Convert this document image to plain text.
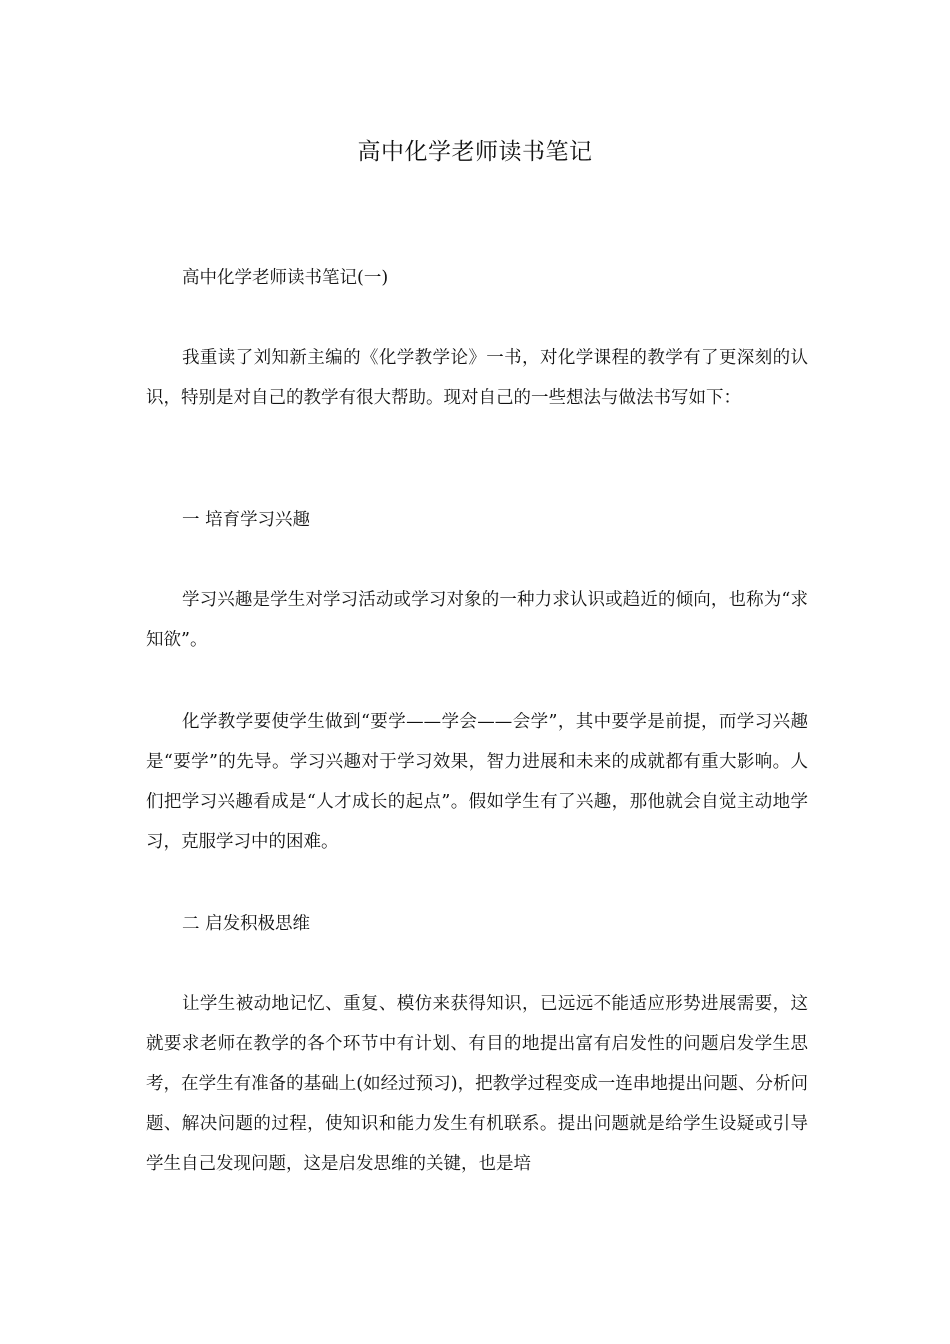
高中化学老师读书笔记

高中化学老师读书笔记(一)

我重读了刘知新主编的《化学教学论》一书，对化学课程的教学有了更深刻的认识，特别是对自己的教学有很大帮助。现对自己的一些想法与做法书写如下：

一 培育学习兴趣

学习兴趣是学生对学习活动或学习对象的一种力求认识或趋近的倾向，也称为“求知欲”。

化学教学要使学生做到“要学——学会——会学”，其中要学是前提，而学习兴趣是“要学”的先导。学习兴趣对于学习效果，智力进展和未来的成就都有重大影响。人们把学习兴趣看成是“人才成长的起点”。假如学生有了兴趣，那他就会自觉主动地学习，克服学习中的困难。

二 启发积极思维

让学生被动地记忆、重复、模仿来获得知识，已远远不能适应形势进展需要，这就要求老师在教学的各个环节中有计划、有目的地提出富有启发性的问题启发学生思考，在学生有准备的基础上(如经过预习)，把教学过程变成一连串地提出问题、分析问题、解决问题的过程，使知识和能力发生有机联系。提出问题就是给学生设疑或引导学生自己发现问题，这是启发思维的关键，也是培
